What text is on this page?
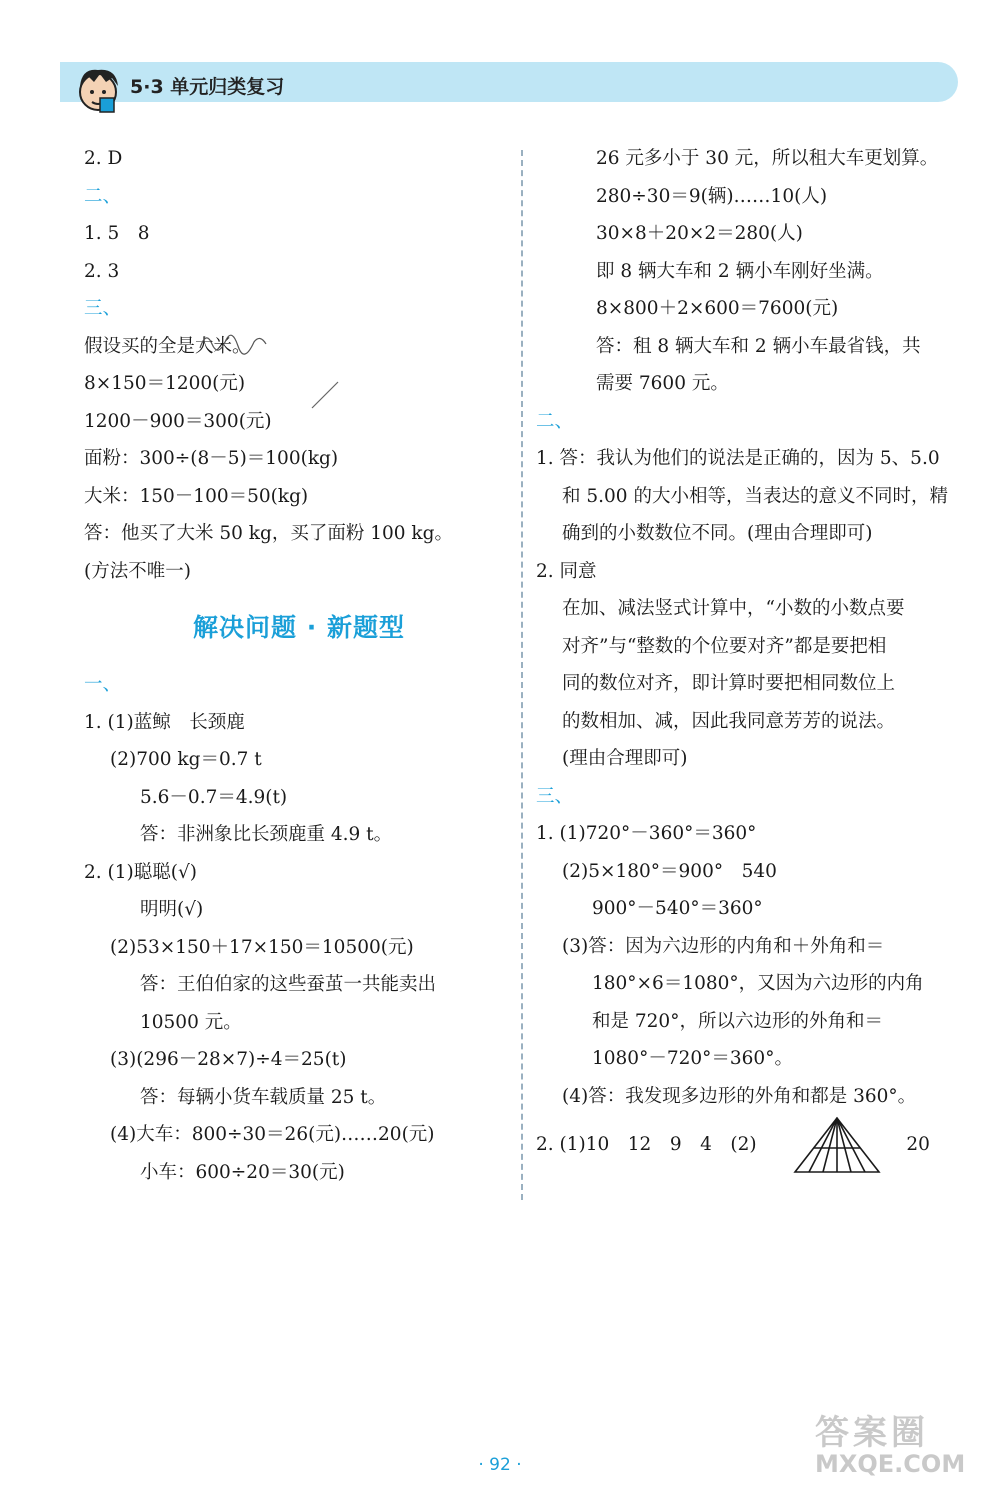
5·3 单元归类复习
2. D
二、
1. 5　8
2. 3
三、
假设买的全是大米。
8×150＝1200(元)
1200－900＝300(元)
面粉：300÷(8－5)＝100(kg)
大米：150－100＝50(kg)
答：他买了大米 50 kg，买了面粉 100 kg。
(方法不唯一)
解决问题 · 新题型
一、
1. (1)蓝鲸　长颈鹿
(2)700 kg＝0.7 t
5.6－0.7＝4.9(t)
答：非洲象比长颈鹿重 4.9 t。
2. (1)聪聪(√)
明明(√)
(2)53×150＋17×150＝10500(元)
答：王伯伯家的这些蚕茧一共能卖出
10500 元。
(3)(296－28×7)÷4＝25(t)
答：每辆小货车载质量 25 t。
(4)大车：800÷30＝26(元)……20(元)
小车：600÷20＝30(元)
26 元多小于 30 元，所以租大车更划算。
280÷30＝9(辆)……10(人)
30×8＋20×2＝280(人)
即 8 辆大车和 2 辆小车刚好坐满。
8×800＋2×600＝7600(元)
答：租 8 辆大车和 2 辆小车最省钱，共
需要 7600 元。
二、
1. 答：我认为他们的说法是正确的，因为 5、5.0
和 5.00 的大小相等，当表达的意义不同时，精
确到的小数数位不同。(理由合理即可)
2. 同意
在加、减法竖式计算中，“小数的小数点要
对齐”与“整数的个位要对齐”都是要把相
同的数位对齐，即计算时要把相同数位上
的数相加、减，因此我同意芳芳的说法。
(理由合理即可)
三、
1. (1)720°－360°＝360°
(2)5×180°＝900°　540
900°－540°＝360°
(3)答：因为六边形的内角和＋外角和＝
180°×6＝1080°，又因为六边形的内角
和是 720°，所以六边形的外角和＝
1080°－720°＝360°。
(4)答：我发现多边形的外角和都是 360°。
2. (1)10　12　9　4　(2)	20
· 92 ·
答案圈
MXQE.COM
